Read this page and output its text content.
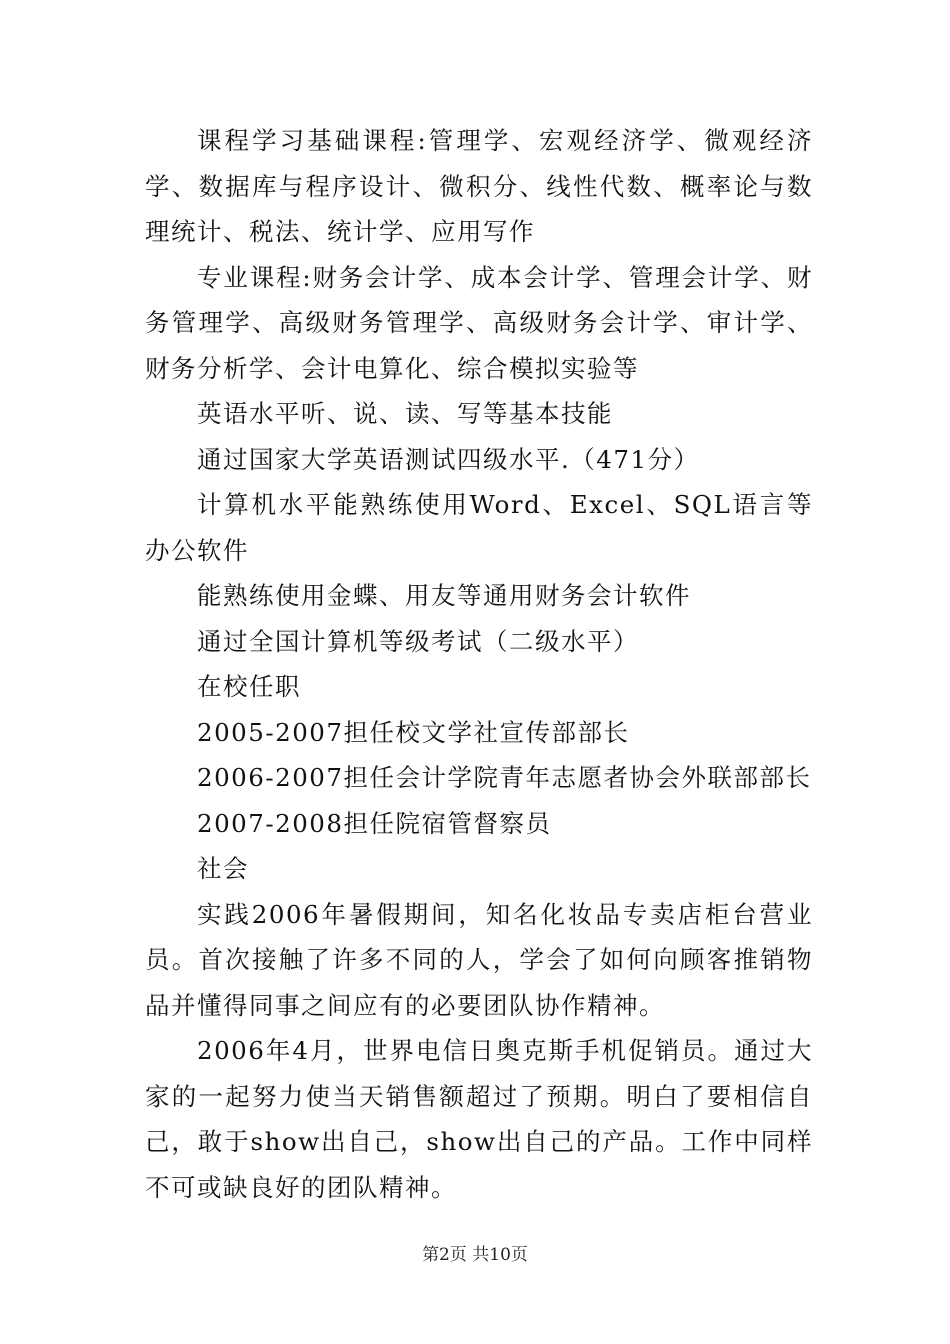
课程学习基础课程:管理学、宏观经济学、微观经济学、数据库与程序设计、微积分、线性代数、概率论与数理统计、税法、统计学、应用写作

专业课程:财务会计学、成本会计学、管理会计学、财务管理学、高级财务管理学、高级财务会计学、审计学、财务分析学、会计电算化、综合模拟实验等

英语水平听、说、读、写等基本技能

通过国家大学英语测试四级水平.（471分）

计算机水平能熟练使用Word、Excel、SQL语言等办公软件

能熟练使用金蝶、用友等通用财务会计软件

通过全国计算机等级考试（二级水平）

在校任职

2005-2007担任校文学社宣传部部长

2006-2007担任会计学院青年志愿者协会外联部部长

2007-2008担任院宿管督察员

社会

实践2006年暑假期间，知名化妆品专卖店柜台营业员。首次接触了许多不同的人，学会了如何向顾客推销物品并懂得同事之间应有的必要团队协作精神。

2006年4月，世界电信日奥克斯手机促销员。通过大家的一起努力使当天销售额超过了预期。明白了要相信自己，敢于show出自己，show出自己的产品。工作中同样不可或缺良好的团队精神。

第2页 共10页
